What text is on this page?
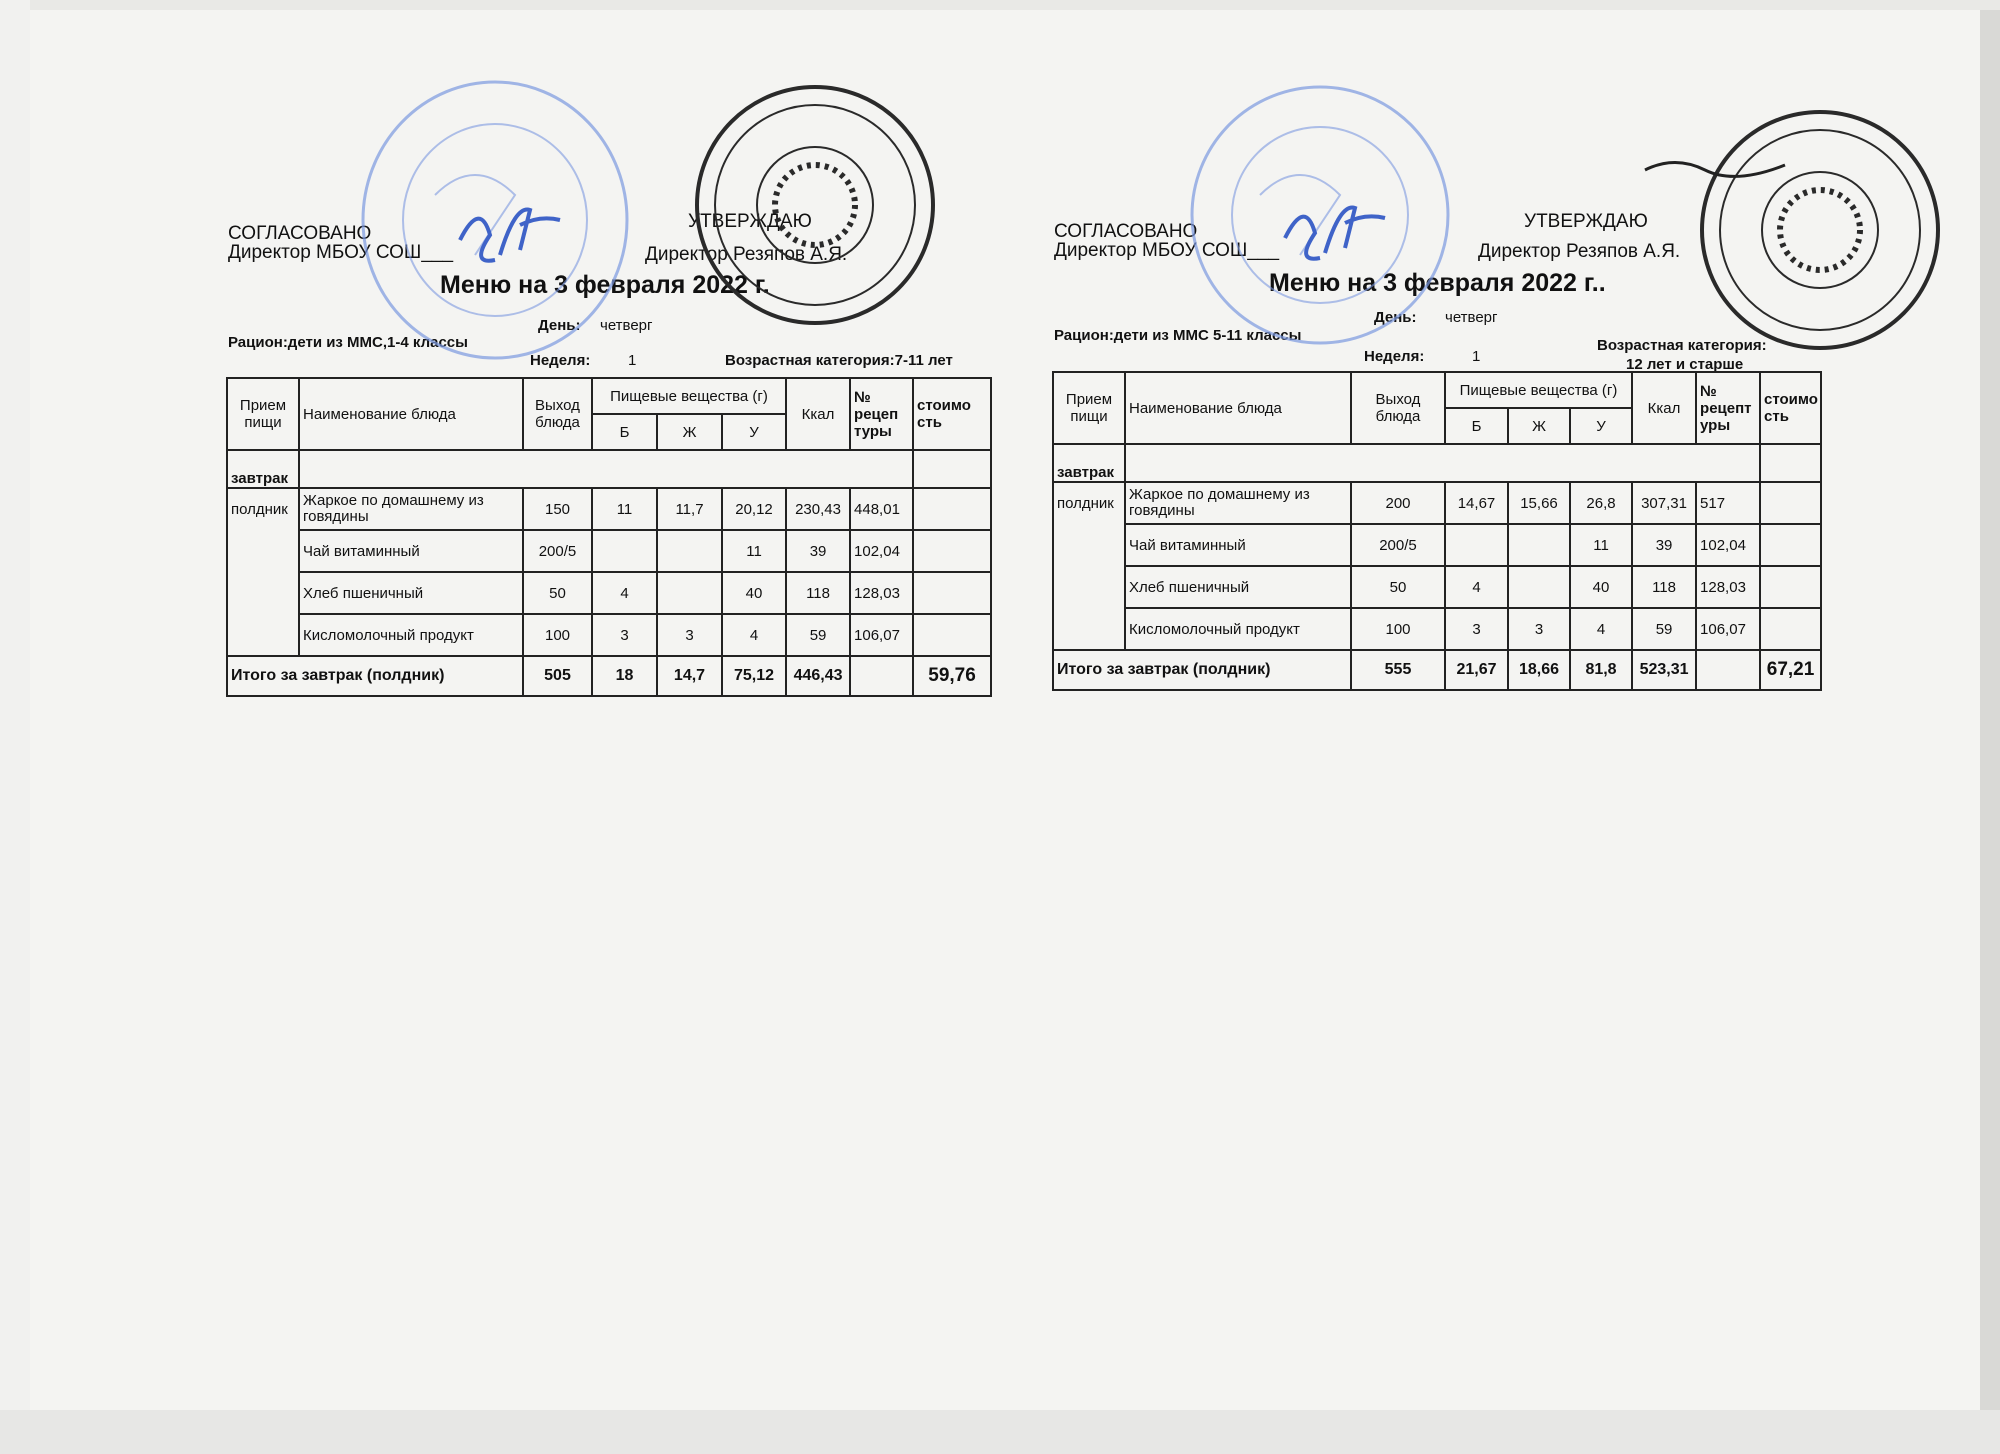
СОГЛАСОВАНО
Директор МБОУ СОШ___
УТВЕРЖДАЮ
Директор Резяпов А.Я.
Меню на 3 февраля 2022 г.
День: четверг
Рацион:дети из ММС,1-4 классы
Неделя:	1	Возрастная категория:7-11 лет
Прием пищи	Наименование блюда	Выход блюда	Пищевые вещества (г)			Ккал	№ рецеп туры	стоимо сть
			Б	Ж	У			
завтрак								
полдник	Жаркое по домашнему из говядины	150	11	11,7	20,12	230,43	448,01	
	Чай витаминный	200/5			11	39	102,04	
	Хлеб пшеничный	50	4		40	118	128,03	
	Кисломолочный продукт	100	3	3	4	59	106,07	
Итого за завтрак (полдник)		505	18	14,7	75,12	446,43		59,76
СОГЛАСОВАНО
Директор МБОУ СОШ___
УТВЕРЖДАЮ
Директор Резяпов А.Я.
Меню на 3 февраля 2022 г..
День: четверг
Рацион:дети из ММС 5-11 классы
Неделя:	1
Возрастная категория:
12 лет и старше
Прием пищи	Наименование блюда	Выход блюда	Пищевые вещества (г)			Ккал	№ рецепт уры	стоимо сть
			Б	Ж	У			
завтрак								
полдник	Жаркое по домашнему из говядины	200	14,67	15,66	26,8	307,31	517	
	Чай витаминный	200/5			11	39	102,04	
	Хлеб пшеничный	50	4		40	118	128,03	
	Кисломолочный продукт	100	3	3	4	59	106,07	
Итого за завтрак (полдник)		555	21,67	18,66	81,8	523,31		67,21
